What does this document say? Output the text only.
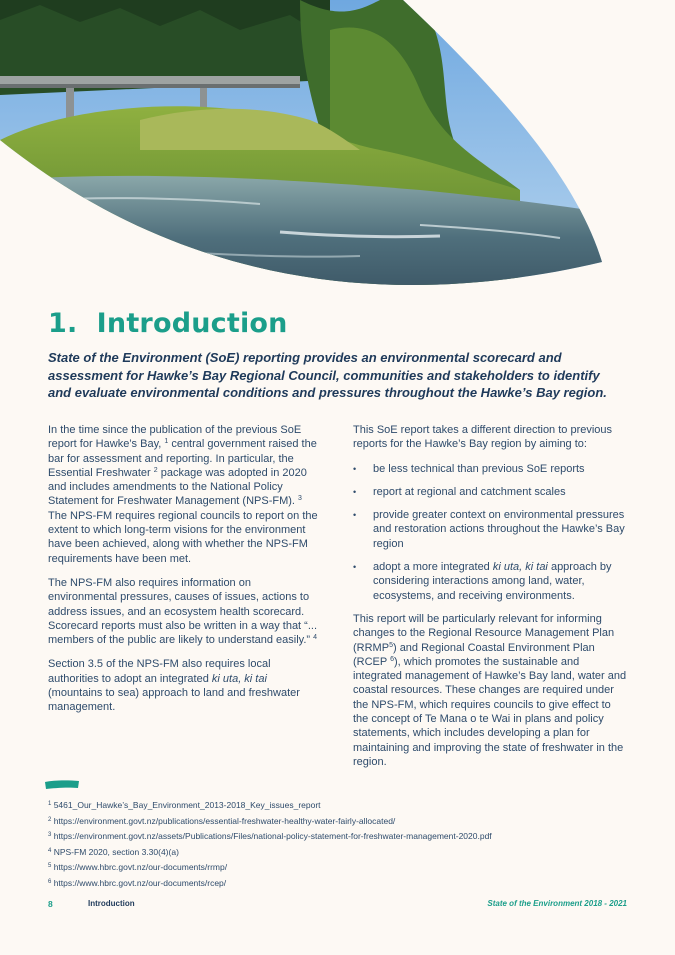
1. Introduction

State of the Environment (SoE) reporting provides an environmental scorecard and assessment for Hawke’s Bay Regional Council, communities and stakeholders to identify and evaluate environmental conditions and pressures throughout the Hawke’s Bay region.

In the time since the publication of the previous SoE report for Hawke’s Bay, $^1$ central government raised the bar for assessment and reporting. In particular, the Essential Freshwater $^2$ package was adopted in 2020 and includes amendments to the National Policy Statement for Freshwater Management (NPS-FM). $^3$ The NPS-FM requires regional councils to report on the extent to which long-term visions for the environment have been achieved, along with whether the NPS-FM requirements have been met.

The NPS-FM also requires information on environmental pressures, causes of issues, actions to address issues, and an ecosystem health scorecard. Scorecard reports must also be written in a way that “... members of the public are likely to understand easily.” $^4$

Section 3.5 of the NPS-FM also requires local authorities to adopt an integrated ki uta, ki tai (mountains to sea) approach to land and freshwater management.

This SoE report takes a different direction to previous reports for the Hawke’s Bay region by aiming to:

• be less technical than previous SoE reports
• report at regional and catchment scales
• provide greater context on environmental pressures and restoration actions throughout the Hawke’s Bay region
• adopt a more integrated ki uta, ki tai approach by considering interactions among land, water, ecosystems, and receiving environments.

This report will be particularly relevant for informing changes to the Regional Resource Management Plan (RRMP$^5$) and Regional Coastal Environment Plan (RCEP $^6$), which promotes the sustainable and integrated management of Hawke’s Bay land, water and coastal resources. These changes are required under the NPS-FM, which requires councils to give effect to the concept of Te Mana o te Wai in plans and policy statements, which includes developing a plan for maintaining and improving the state of freshwater in the region.

$^1$ 5461_Our_Hawke’s_Bay_Environment_2013-2018_Key_issues_report
$^2$ https://environment.govt.nz/publications/essential-freshwater-healthy-water-fairly-allocated/
$^3$ https://environment.govt.nz/assets/Publications/Files/national-policy-statement-for-freshwater-management-2020.pdf
$^4$ NPS-FM 2020, section 3.30(4)(a)
$^5$ https://www.hbrc.govt.nz/our-documents/rrmp/
$^6$ https://www.hbrc.govt.nz/our-documents/rcep/
8	Introduction	State of the Environment 2018 - 2021
